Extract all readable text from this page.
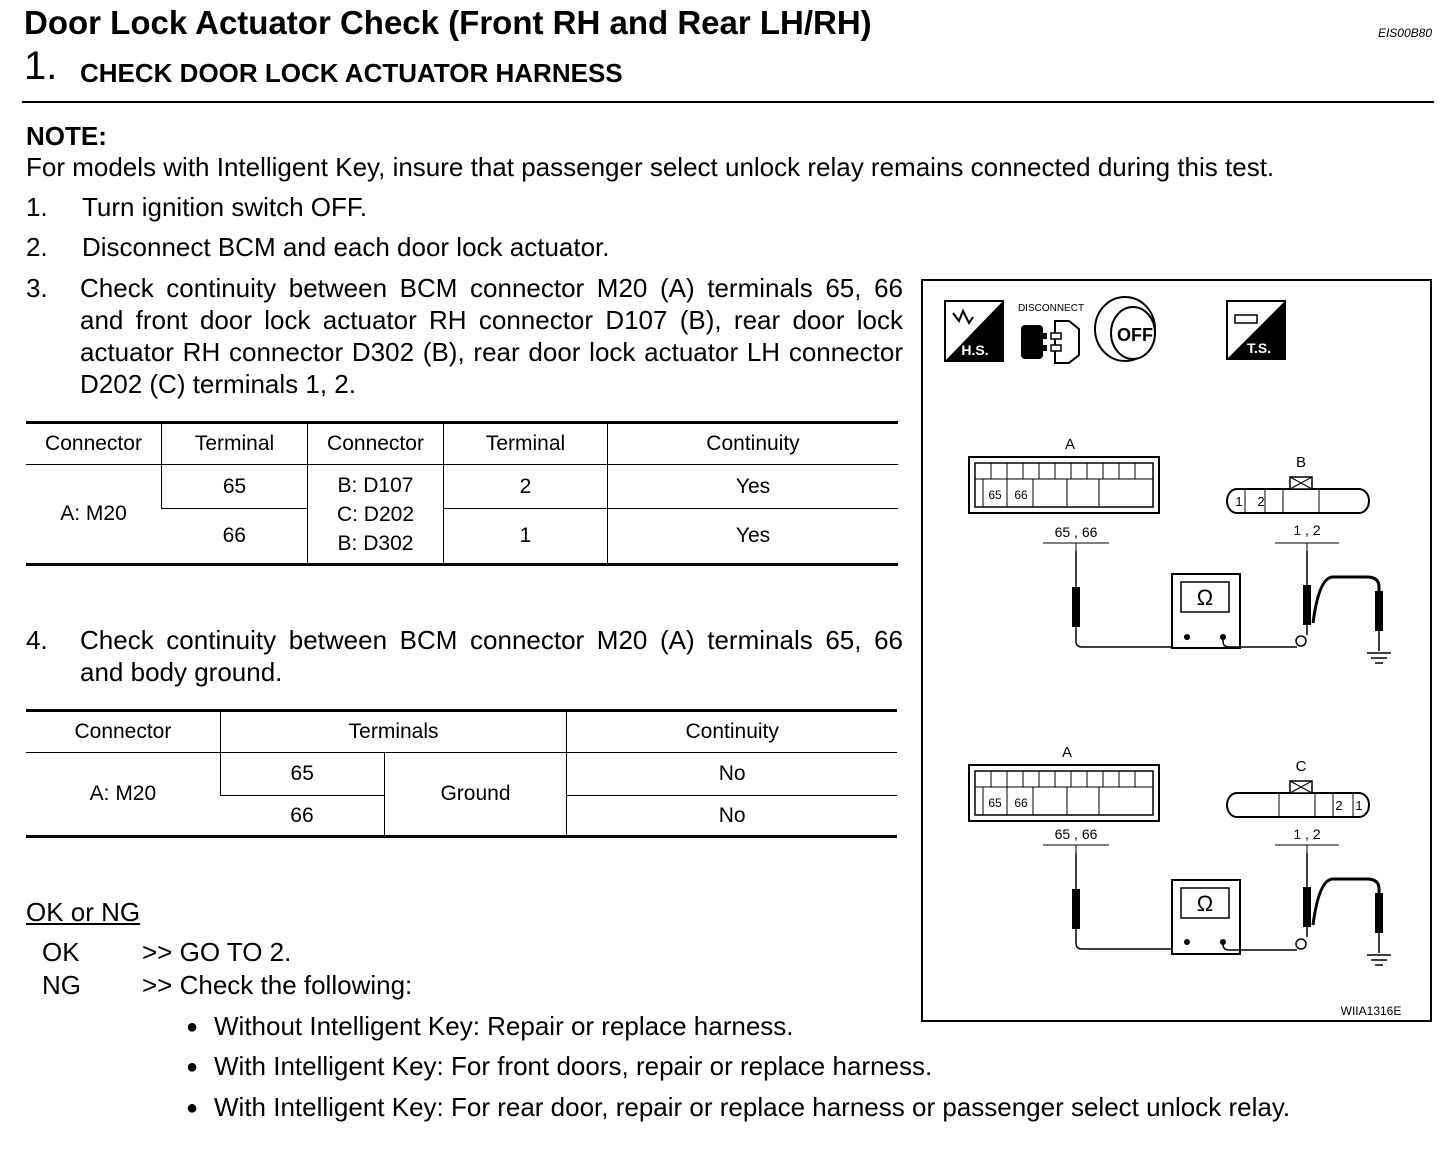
Door Lock Actuator Check (Front RH and Rear LH/RH)	EIS00B80
1. CHECK DOOR LOCK ACTUATOR HARNESS
NOTE:
For models with Intelligent Key, insure that passenger select unlock relay remains connected during this test.
1. Turn ignition switch OFF.
2. Disconnect BCM and each door lock actuator.
3. Check continuity between BCM connector M20 (A) terminals 65, 66 and front door lock actuator RH connector D107 (B), rear door lock actuator RH connector D302 (B), rear door lock actuator LH connector D202 (C) terminals 1, 2.
Connector	Terminal	Connector	Terminal	Continuity
A: M20	65	B: D107
C: D202
B: D302	2	Yes
	66		1	Yes
4. Check continuity between BCM connector M20 (A) terminals 65, 66 and body ground.
Connector	Terminals		Continuity
A: M20	65	Ground	No
	66		No
OK or NG
OK >> GO TO 2.
NG >> Check the following:
● Without Intelligent Key: Repair or replace harness.
● With Intelligent Key: For front doors, repair or replace harness.
● With Intelligent Key: For rear door, repair or replace harness or passenger select unlock relay.
H.S.
DISCONNECT
OFF
T.S.
A
65 66
65 , 66
B
1 2
1 , 2
Ω
A
65 66
65 , 66
C
2 1
1 , 2
Ω
WIIA1316E
